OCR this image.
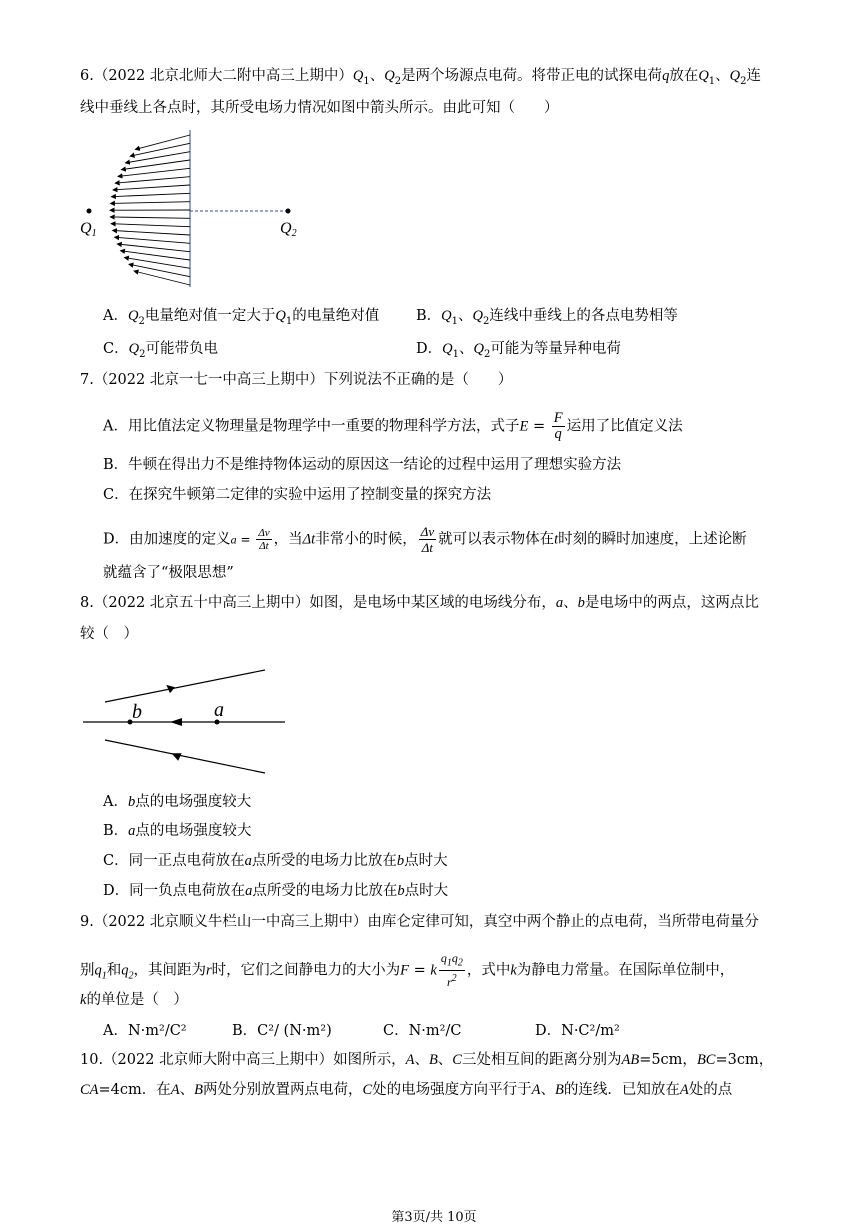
6.（2022 北京北师大二附中高三上期中）$Q_1$、$Q_2$是两个场源点电荷。将带正电的试探电荷q放在$Q_1$、$Q_2$连
线中垂线上各点时，其所受电场力情况如图中箭头所示。由此可知（　　）
Q1	Q2
A．$Q_2$电量绝对值一定大于$Q_1$的电量绝对值	B．$Q_1$、$Q_2$连线中垂线上的各点电势相等
C．$Q_2$可能带负电	D．$Q_1$、$Q_2$可能为等量异种电荷
7.（2022 北京一七一中高三上期中）下列说法不正确的是（　　）
A．用比值法定义物理量是物理学中一重要的物理科学方法，式子$E = \frac{F}{q}$ 运用了比值定义法
B．牛顿在得出力不是维持物体运动的原因这一结论的过程中运用了理想实验方法
C．在探究牛顿第二定律的实验中运用了控制变量的探究方法
D．由加速度的定义$a = \frac{\Delta v}{\Delta t}$ ，当Δt非常小的时候， $\frac{\Delta v}{\Delta t}$ 就可以表示物体在t时刻的瞬时加速度，上述论断
就蕴含了“极限思想”
8.（2022 北京五十中高三上期中）如图，是电场中某区域的电场线分布，a、b是电场中的两点，这两点比
较（　）
b	a
A．b点的电场强度较大
B．a点的电场强度较大
C．同一正点电荷放在a点所受的电场力比放在b点时大
D．同一负点电荷放在a点所受的电场力比放在b点时大
9.（2022 北京顺义牛栏山一中高三上期中）由库仑定律可知，真空中两个静止的点电荷，当所带电荷量分
别$q_1$和$q_2$，其间距为r时，它们之间静电力的大小为F = k $\frac{q_1q_2}{r^2}$ ，式中k为静电力常量。在国际单位制中，
k的单位是（　）
A．N·m²/C²	B．C²/ (N·m²)	C．N·m²/C	D．N·C²/m²
10.（2022 北京师大附中高三上期中）如图所示，A、B、C三处相互间的距离分别为AB=5cm，BC=3cm，
CA=4cm．在A、B两处分别放置两点电荷，C处的电场强度方向平行于A、B的连线．已知放在A处的点
第3页/共 10页
